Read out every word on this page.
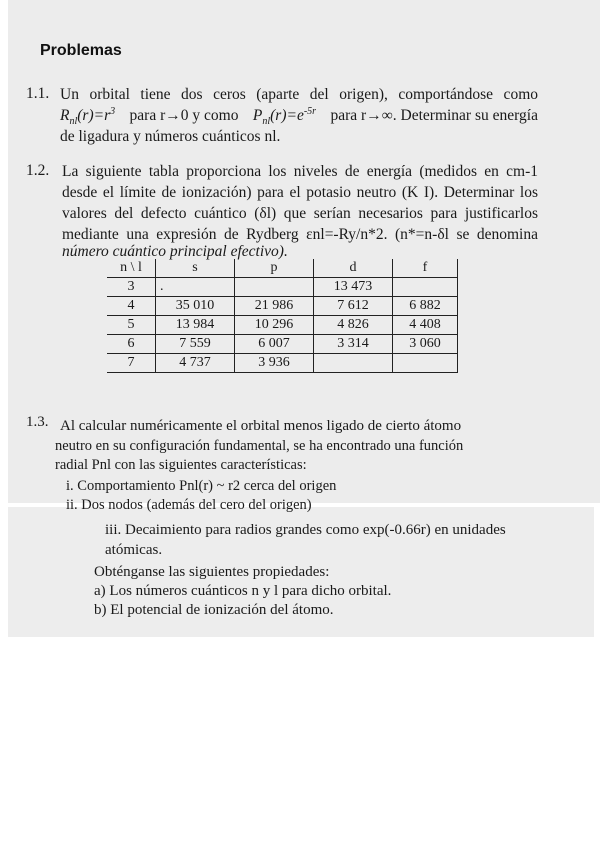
Problemas
1.1. Un orbital tiene dos ceros (aparte del origen), comportándose como
$R_{nl}(r)=r^3$ para r→0 y como $P_{nl}(r)=e^{-5r}$ para r→∞. Determinar su energía
de ligadura y números cuánticos nl.
1.2. La siguiente tabla proporciona los niveles de energía (medidos en cm-1
desde el límite de ionización) para el potasio neutro (K I). Determinar los
valores del defecto cuántico (δl) que serían necesarios para justificarlos
mediante una expresión de Rydberg εnl=-Ry/n*2. (n*=n-δl se denomina
número cuántico principal efectivo).
n \ l	s	p	d	f
3	.		13 473	
4	35 010	21 986	7 612	6 882
5	13 984	10 296	4 826	4 408
6	7 559	6 007	3 314	3 060
7	4 737	3 936		
1.3. Al calcular numéricamente el orbital menos ligado de cierto átomo
neutro en su configuración fundamental, se ha encontrado una función
radial Pnl con las siguientes características:
i. Comportamiento Pnl(r) ~ r2 cerca del origen
ii. Dos nodos (además del cero del origen)
iii. Decaimiento para radios grandes como exp(-0.66r) en unidades
atómicas.
Obténganse las siguientes propiedades:
a) Los números cuánticos n y l para dicho orbital.
b) El potencial de ionización del átomo.
